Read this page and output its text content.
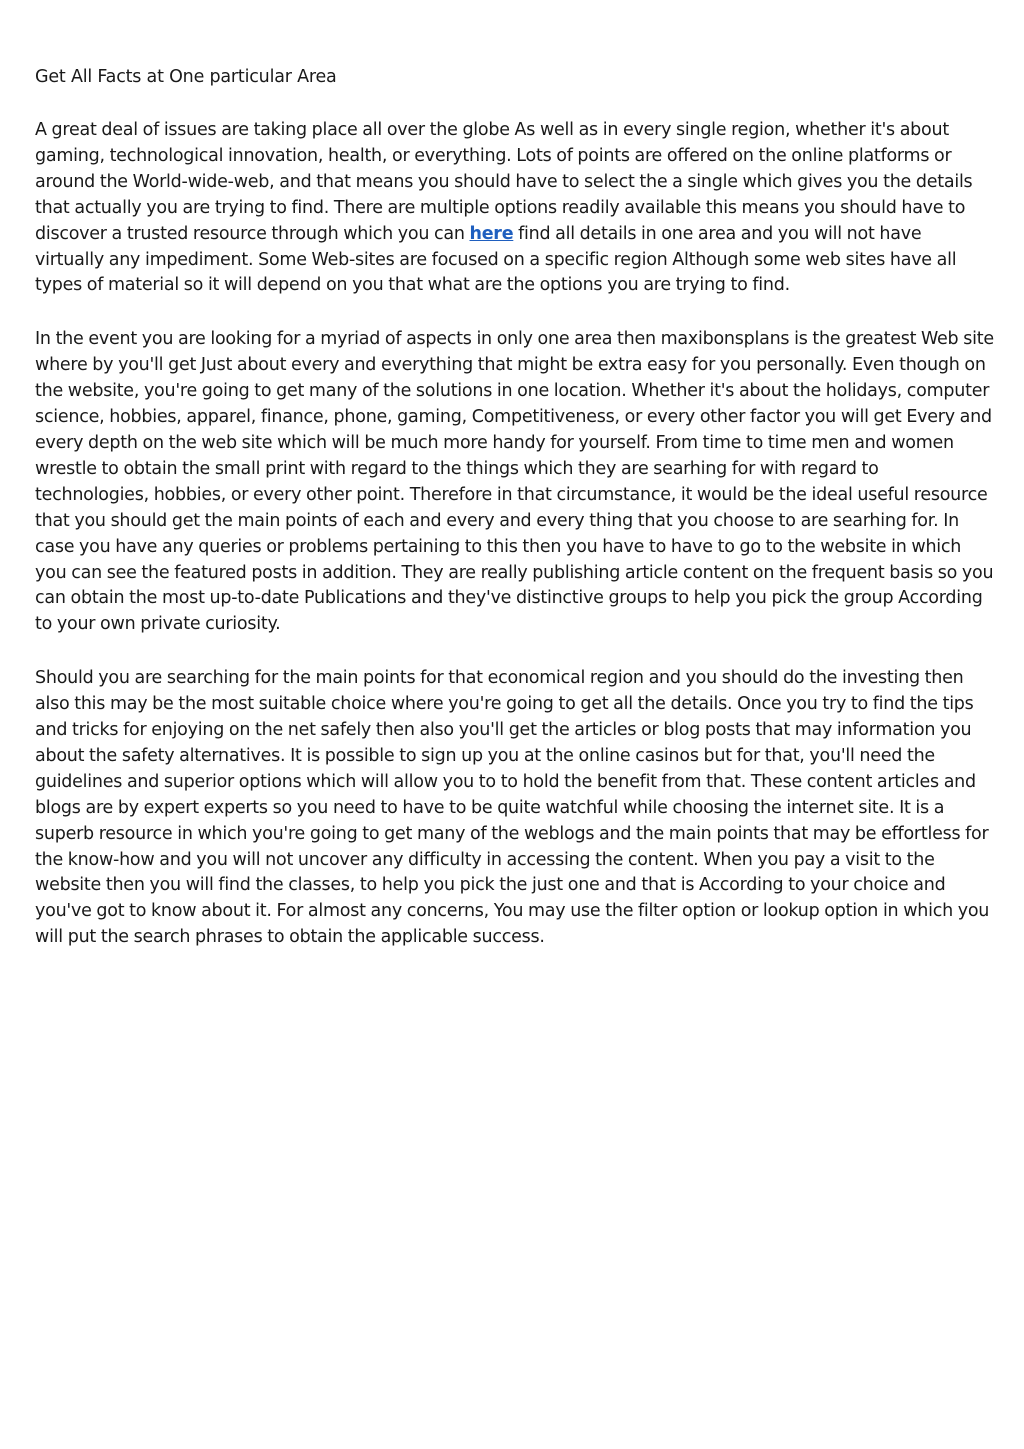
Get All Facts at One particular Area

A great deal of issues are taking place all over the globe As well as in every single region, whether it's about gaming, technological innovation, health, or everything. Lots of points are offered on the online platforms or around the World-wide-web, and that means you should have to select the a single which gives you the details that actually you are trying to find. There are multiple options readily available this means you should have to discover a trusted resource through which you can here find all details in one area and you will not have virtually any impediment. Some Web-sites are focused on a specific region Although some web sites have all types of material so it will depend on you that what are the options you are trying to find.

In the event you are looking for a myriad of aspects in only one area then maxibonsplans is the greatest Web site where by you'll get Just about every and everything that might be extra easy for you personally. Even though on the website, you're going to get many of the solutions in one location. Whether it's about the holidays, computer science, hobbies, apparel, finance, phone, gaming, Competitiveness, or every other factor you will get Every and every depth on the web site which will be much more handy for yourself. From time to time men and women wrestle to obtain the small print with regard to the things which they are searhing for with regard to technologies, hobbies, or every other point. Therefore in that circumstance, it would be the ideal useful resource that you should get the main points of each and every and every thing that you choose to are searhing for. In case you have any queries or problems pertaining to this then you have to have to go to the website in which you can see the featured posts in addition. They are really publishing article content on the frequent basis so you can obtain the most up-to-date Publications and they've distinctive groups to help you pick the group According to your own private curiosity.

Should you are searching for the main points for that economical region and you should do the investing then also this may be the most suitable choice where you're going to get all the details. Once you try to find the tips and tricks for enjoying on the net safely then also you'll get the articles or blog posts that may information you about the safety alternatives. It is possible to sign up you at the online casinos but for that, you'll need the guidelines and superior options which will allow you to to hold the benefit from that. These content articles and blogs are by expert experts so you need to have to be quite watchful while choosing the internet site. It is a superb resource in which you're going to get many of the weblogs and the main points that may be effortless for the know-how and you will not uncover any difficulty in accessing the content. When you pay a visit to the website then you will find the classes, to help you pick the just one and that is According to your choice and you've got to know about it. For almost any concerns, You may use the filter option or lookup option in which you will put the search phrases to obtain the applicable success.
